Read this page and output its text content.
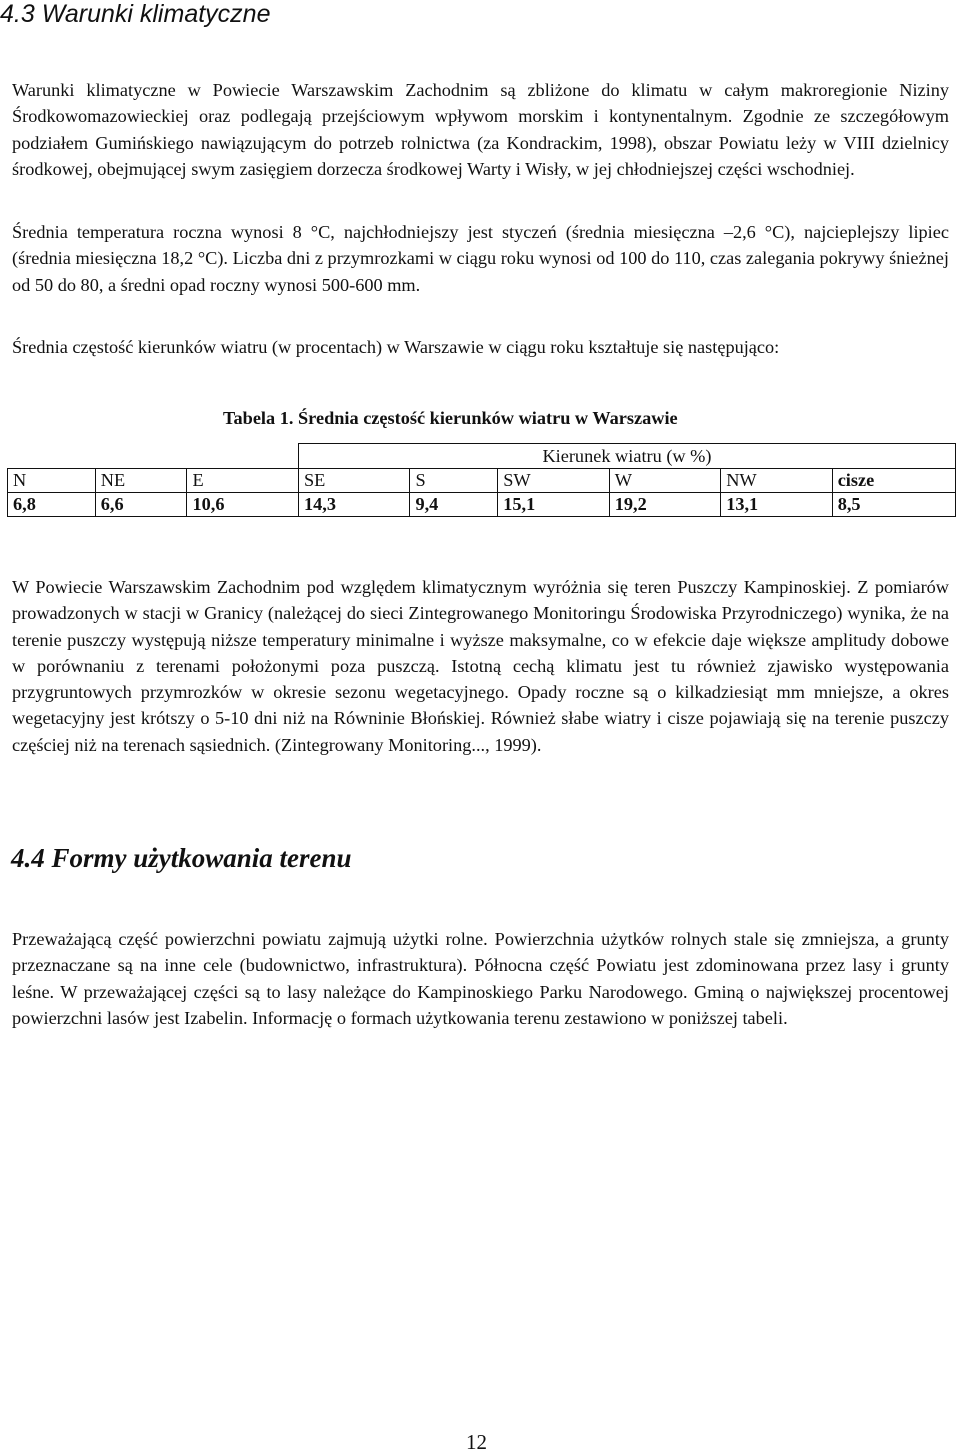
4.3 Warunki klimatyczne

Warunki klimatyczne w Powiecie Warszawskim Zachodnim są zbliżone do klimatu w całym makroregionie Niziny Środkowomazowieckiej oraz podlegają przejściowym wpływom morskim i kontynentalnym. Zgodnie ze szczegółowym podziałem Gumińskiego nawiązującym do potrzeb rolnictwa (za Kondrackim, 1998), obszar Powiatu leży w VIII dzielnicy środkowej, obejmującej swym zasięgiem dorzecza środkowej Warty i Wisły, w jej chłodniejszej części wschodniej.

Średnia temperatura roczna wynosi 8 °C, najchłodniejszy jest styczeń (średnia miesięczna –2,6 °C), najcieplejszy lipiec (średnia miesięczna 18,2 °C). Liczba dni z przymrozkami w ciągu roku wynosi od 100 do 110, czas zalegania pokrywy śnieżnej od 50 do 80, a średni opad roczny wynosi 500-600 mm.

Średnia częstość kierunków wiatru (w procentach) w Warszawie w ciągu roku kształtuje się następująco:

Tabela 1. Średnia częstość kierunków wiatru w Warszawie

			Kierunek wiatru (w %)					
N	NE	E	SE	S	SW	W	NW	cisze
6,8	6,6	10,6	14,3	9,4	15,1	19,2	13,1	8,5

W Powiecie Warszawskim Zachodnim pod względem klimatycznym wyróżnia się teren Puszczy Kampinoskiej. Z pomiarów prowadzonych w stacji w Granicy (należącej do sieci Zintegrowanego Monitoringu Środowiska Przyrodniczego) wynika, że na terenie puszczy występują niższe temperatury minimalne i wyższe maksymalne, co w efekcie daje większe amplitudy dobowe w porównaniu z terenami położonymi poza puszczą. Istotną cechą klimatu jest tu również zjawisko występowania przygruntowych przymrozków w okresie sezonu wegetacyjnego. Opady roczne są o kilkadziesiąt mm mniejsze, a okres wegetacyjny jest krótszy o 5-10 dni niż na Równinie Błońskiej. Również słabe wiatry i cisze pojawiają się na terenie puszczy częściej niż na terenach sąsiednich. (Zintegrowany Monitoring..., 1999).

4.4 Formy użytkowania terenu

Przeważającą część powierzchni powiatu zajmują użytki rolne. Powierzchnia użytków rolnych stale się zmniejsza, a grunty przeznaczane są na inne cele (budownictwo, infrastruktura). Północna część Powiatu jest zdominowana przez lasy i grunty leśne. W przeważającej części są to lasy należące do Kampinoskiego Parku Narodowego. Gminą o największej procentowej powierzchni lasów jest Izabelin. Informację o formach użytkowania terenu zestawiono w poniższej tabeli.

12
